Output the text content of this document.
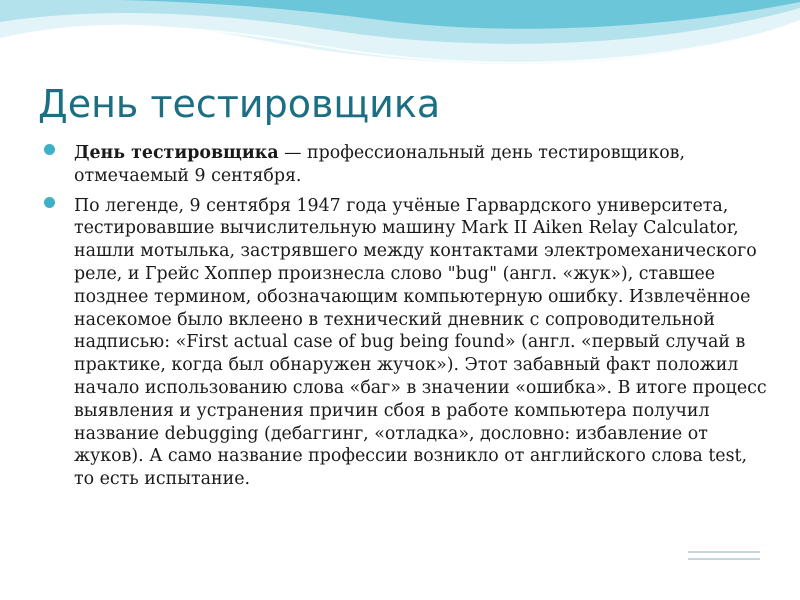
День тестировщика
День тестировщика — профессиональный день тестировщиков, отмечаемый 9 сентября.
По легенде, 9 сентября 1947 года учёные Гарвардского университета, тестировавшие вычислительную машину Mark II Aiken Relay Calculator, нашли мотылька, застрявшего между контактами электромеханического реле, и Грейс Хоппер произнесла слово "bug" (англ. «жук»), ставшее позднее термином, обозначающим компьютерную ошибку. Извлечённое насекомое было вклеено в технический дневник с сопроводительной надписью: «First actual case of bug being found» (англ. «первый случай в практике, когда был обнаружен жучок»). Этот забавный факт положил начало использованию слова «баг» в значении «ошибка». В итоге процесс выявления и устранения причин сбоя в работе компьютера получил название debugging (дебаггинг, «отладка», дословно: избавление от жуков). А само название профессии возникло от английского слова test, то есть испытание.
